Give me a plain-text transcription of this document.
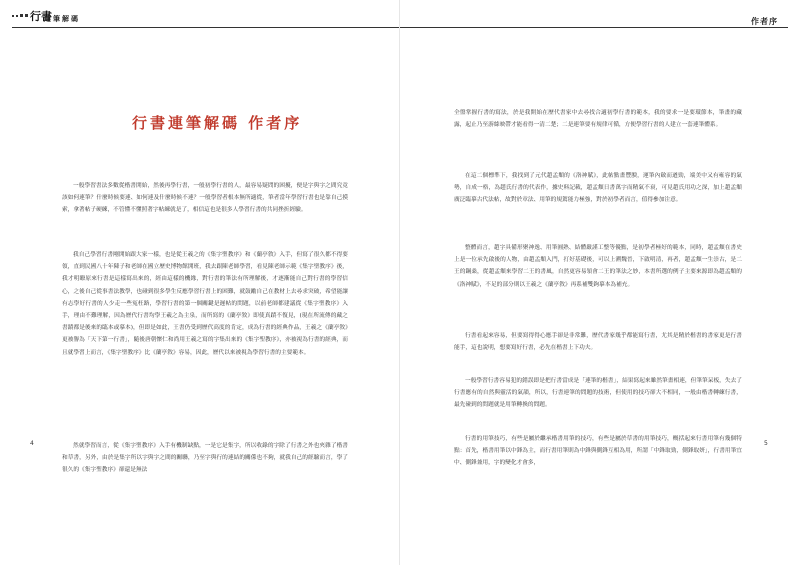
行書
連筆解碼
行書連筆解碼 作者序

一般學習書法多數從楷書開始，然後再學行書，一般初學行書的人，最容易疑問的困擾，便是字與字之間究竟該如何連筆？什麼時候要連、如何連及什麼時候不連？一般學習者根本無所適從，筆者當年學習行書也是靠自己摸索，拿著帖子硬練，不管懂不懂照著字帖練就是了，相信這也是很多人學習行書的共同挫折經驗。

我自己學習行書剛開始跟大家一樣，也是從王羲之的《集字聖教序》和《蘭亭敘》入手，但寫了很久都不得要領，直到民國八十年陳子和老師在國立歷史博物館開班，我去跟陳老師學習，看見陳老師示範《集字聖教序》後，我才明瞭原來行書是這樣寫出來的，經由這樣的機緣，對行書的筆法有所理解後，才逐漸能自己對行書的學習信心，之後自己從事書法教學，也碰到很多學生反應學習行書上的困難，就鼓勵自己在教材上去尋求突破，希望能讓有志學好行書的人少走一些冤枉路，學習行書的第一個關鍵是遲帖的問題，以前老師都建議從《集字聖教序》入手，理由不難理解，因為歷代行書均學王羲之為主泉，而所寫的《蘭亭敘》即使真蹟不復見，(現在所流傳的藏之書蹟都是後來的臨本或摹本)，但即是如此，王書仍受到歷代高度的肯定，成為行書的經典作品，王羲之《蘭亭敘》更被譽為「天下第一行書」，隨後唐朝懷仁和尚用王羲之寫的字集出來的《集字聖教序》，亦被視為行書的經典，而且就學習上而言，《集字聖教序》比《蘭亭敘》容易，因此，歷代以來被視為學習行書的主要範本。

然就學習而言，從《集字聖教序》入手有機制缺點，一是它是集字，所以收錄的字除了行書之外也夾雜了楷書和草書，另外，由於是集字所以字與字之間的關聯，乃至字與行的連結的關係也不夠，就我自己的經驗而言，學了很久的《集字聖教序》卻還是無法

4
作者序

全盤掌握行書的寫法，於是我開始在歷代書家中去尋找合適初學行書的範本，我的要求一是要環節本，筆畫的藏露，起止乃至游絲映帶才能看得一清二楚；二是連筆要有規律可循，方便學習行書的人建立一套連筆體系。

在這二個標準下，我找到了元代趙孟頫的《洛神賦》，此帖點畫豐腴，運筆內斂而遒勁，端美中又有雍容的氣勢，自成一格，為趙氏行書的代表作，據史料記載，趙孟頫日書萬字而精氣不衰，可見趙氏用功之深，加上趙孟頫廣泛臨摹古代法帖，故對於章法、用筆的規駕能力極強，對於初學者而言，值得參加注意。

整體而言，趙字具備形聚神逸、用筆圓熟、結體嚴謹工整等優點，是初學者極好的範本，同時，趙孟頫在書史上是一位承先啟後的人物，由趙孟頫入門，打好基礎後，可以上溯魏晉，下啟明清，再者，趙孟頫一生崇古，是二王的鋼桑，從趙孟頫來學習二王的書風，自然更容易領會二王的筆法之妙，本書所選的例子主要來源即為趙孟頫的《洛神賦》，不足的部分則以王羲之《蘭亭敘》再系補雙鉤摹本為補充。

行書看起來容易，但要寫得得心應手卻是非常難，歷代書家幾乎都能寫行書，尤其是精於楷書的書家更是行書能手，這也說明，想要寫好行書，必先在楷書上下功夫。

一般學習行書容易犯的錯誤即是把行書當成是「連筆的楷書」，結果寫起來雖然筆畫相連，但筆筆呆板，失去了行書應有的自然與靈活的氣韻，所以，行書連筆的問題的技術，但使用的技巧卻大不相同，一般由楷書轉練行書，最先碰到的問題就是用筆轉換的問題。

行書的用筆技巧，有些是屬於繼承楷書用筆的技巧，有些是屬於草書的用筆技巧，概括起來行書用筆有幾個特點：首先，楷書用筆以中鋒為主，而行書用筆則為中鋒與側鋒互相為用，所謂「中鋒取勁，側鋒取妍」，行書用筆宜中、側鋒兼用，字的變化才會多，

5
